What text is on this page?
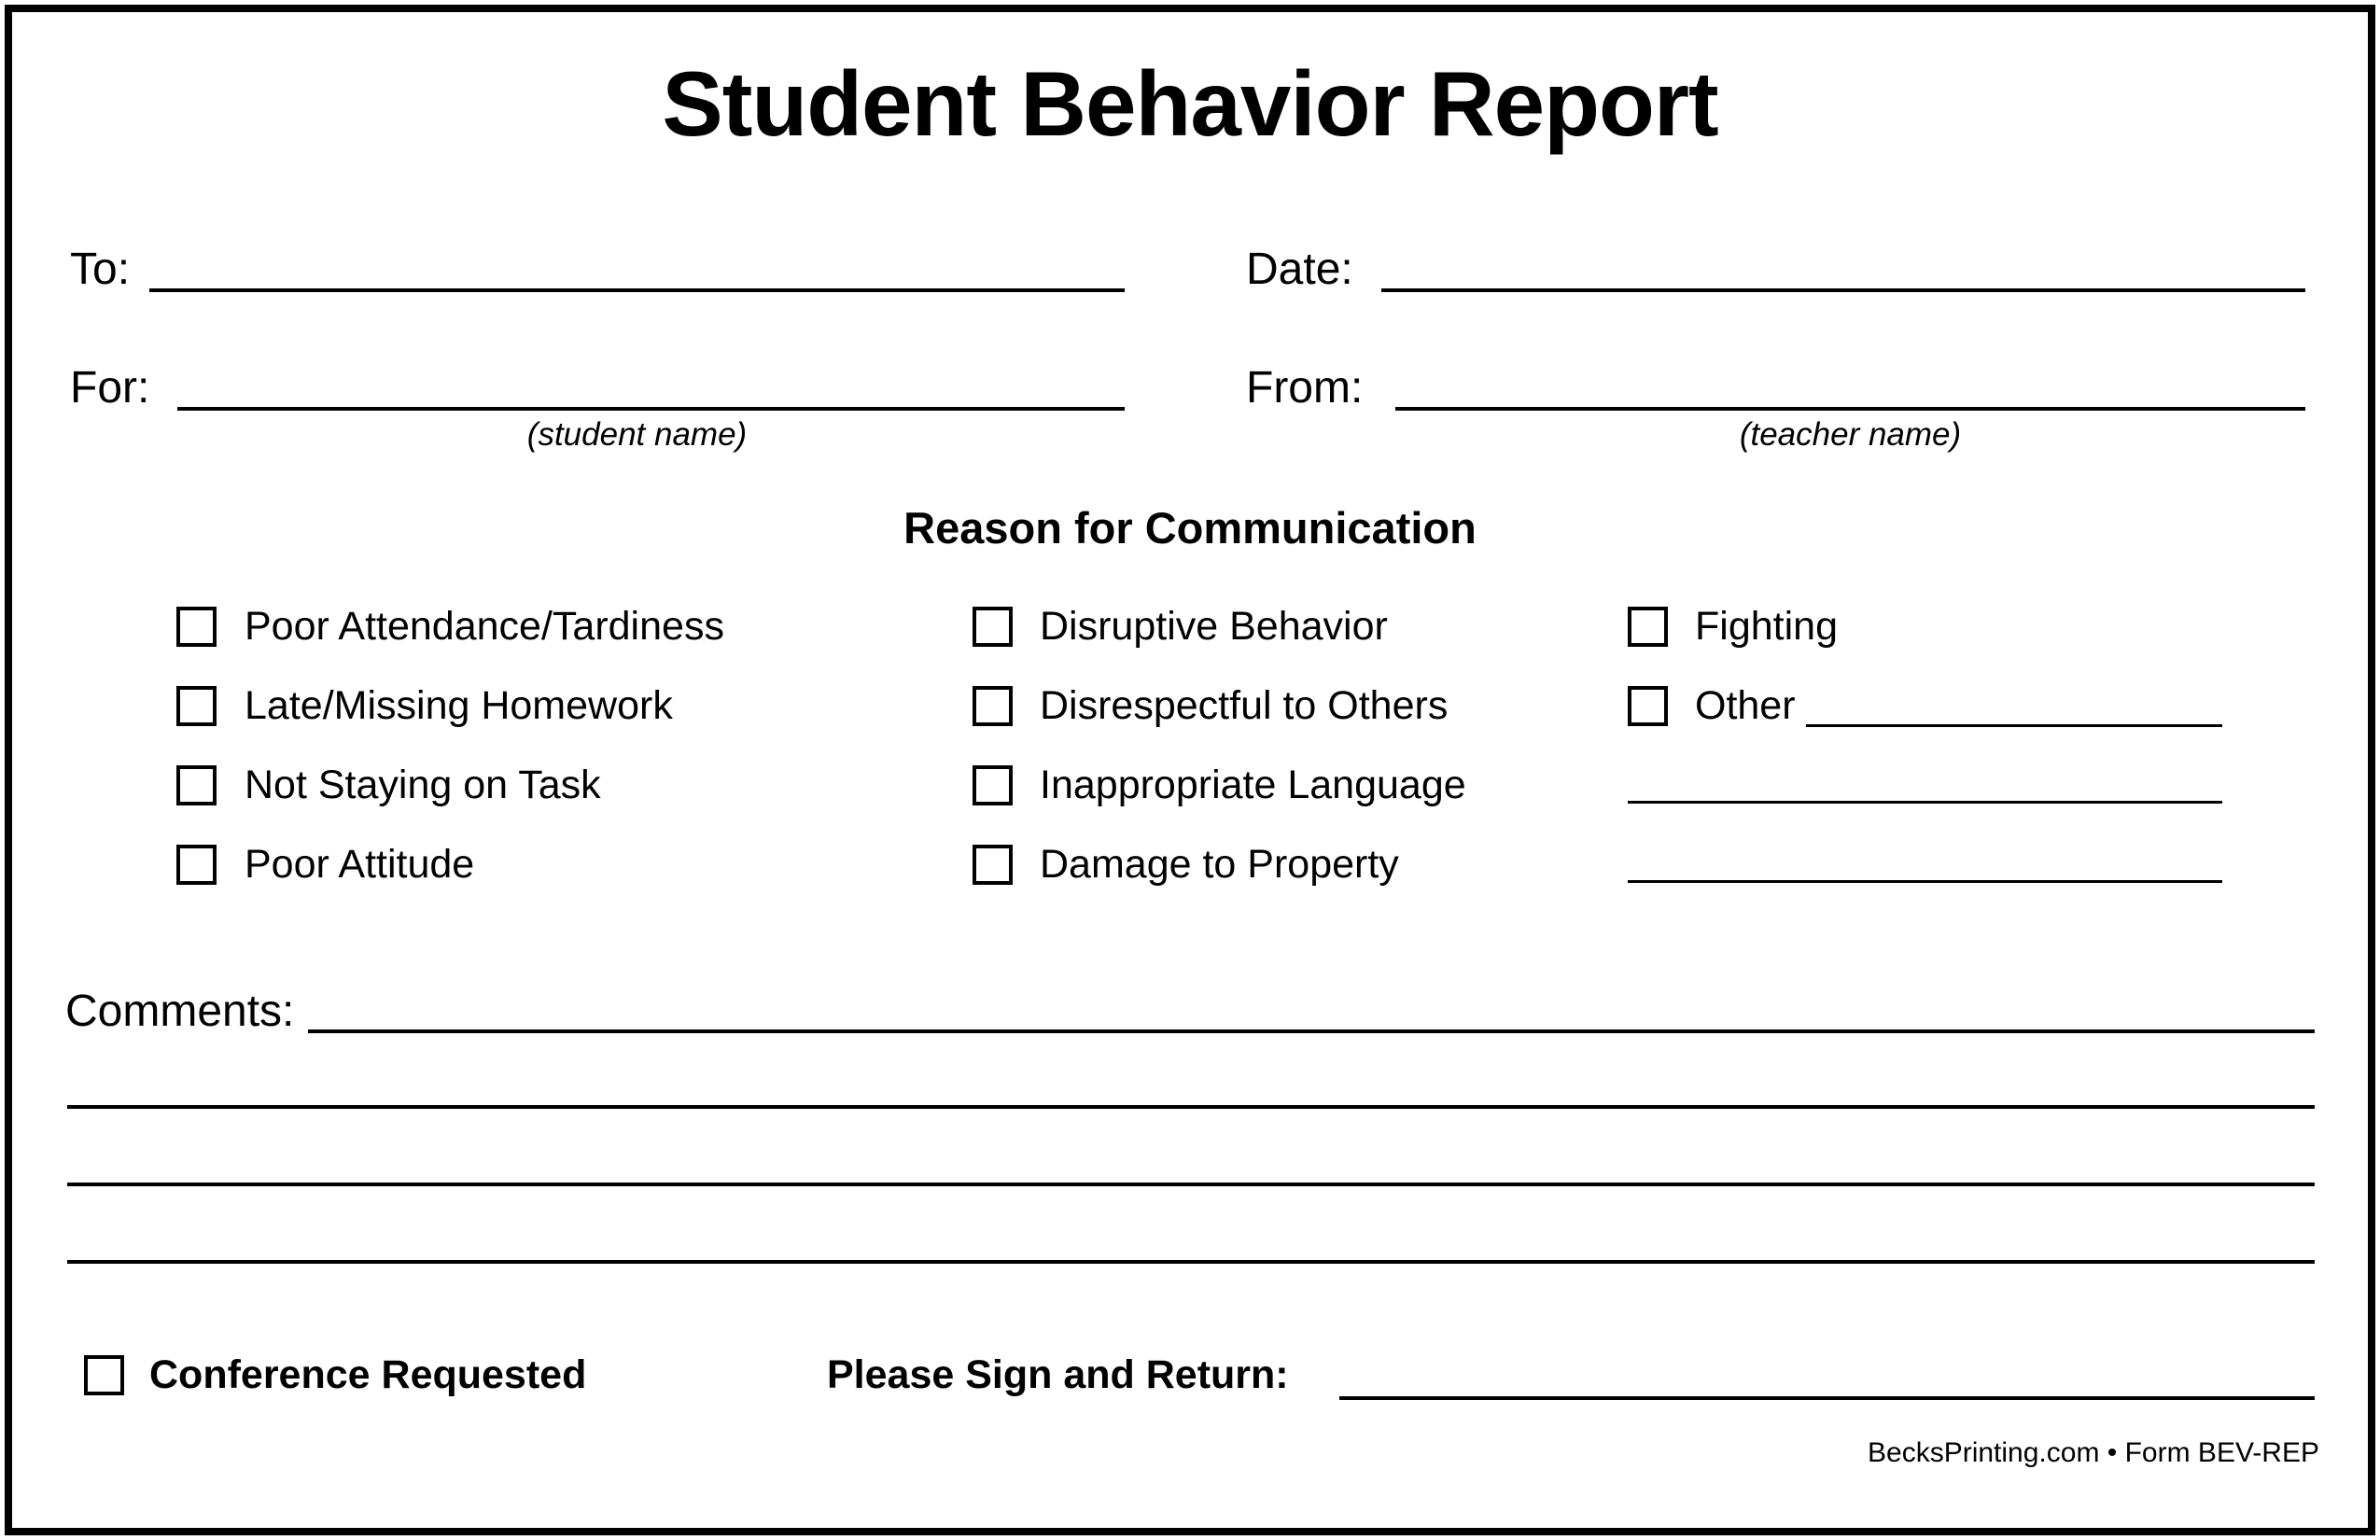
Student Behavior Report
To:	Date:
For:
(student name)
From:
(teacher name)
Reason for Communication
Poor Attendance/Tardiness
Late/Missing Homework
Not Staying on Task
Poor Attitude
Disruptive Behavior
Disrespectful to Others
Inappropriate Language
Damage to Property
Fighting
Other
Comments:
Conference Requested	Please Sign and Return:
BecksPrinting.com • Form BEV-REP
